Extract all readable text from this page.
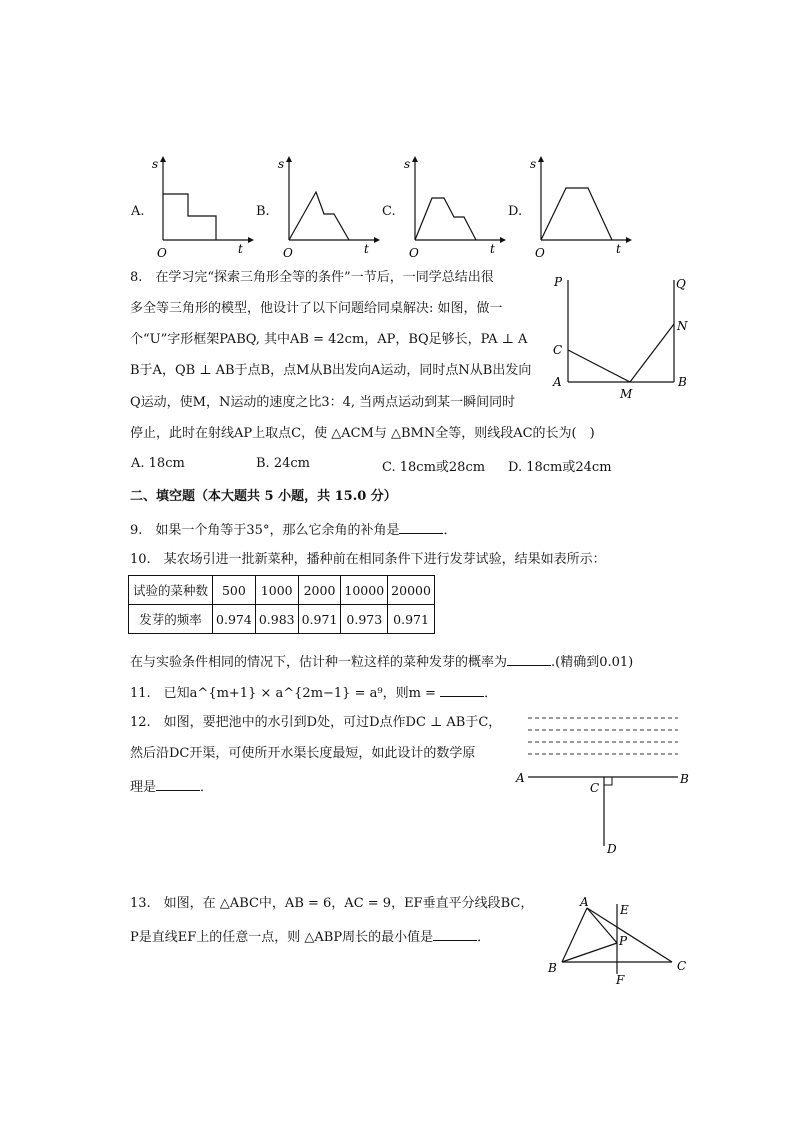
A.	B.	C.	D.
s
t
O
s
t
O
s
t
O
s
t
O
8.　在学习完“探索三角形全等的条件”一节后，一同学总结出很
多全等三角形的模型，他设计了以下问题给同桌解决: 如图，做一
个“U”字形框架PABQ, 其中AB = 42cm，AP，BQ足够长，PA ⊥ A
B于A，QB ⊥ AB于点B，点M从B出发向A运动，同时点N从B出发向
Q运动，使M，N运动的速度之比3：4, 当两点运动到某一瞬间同时
停止，此时在射线AP上取点C，使 △ACM与 △BMN全等，则线段AC的长为(　)
A. 18cm	B. 24cm	C. 18cm或28cm D. 18cm或24cm
P	Q
N
C
A
M
B
二、填空题（本大题共 5 小题，共 15.0 分）
9.　如果一个角等于35°，那么它余角的补角是	．
10.　某农场引进一批新菜种，播种前在相同条件下进行发芽试验，结果如表所示：
试验的菜种数	500	1000	2000	10000	20000
发芽的频率	0.974	0.983	0.971	0.973	0.971
在与实验条件相同的情况下，估计种一粒这样的菜种发芽的概率为	.(精确到0.01)
11.　已知a^{m+1} × a^{2m−1} = a⁹，则m =	．
12.　如图，要把池中的水引到D处，可过D点作DC ⊥ AB于C，
然后沿DC开渠，可使所开水渠长度最短，如此设计的数学原
理是	．
A	B
C
D
13.　如图，在 △ABC中，AB = 6，AC = 9，EF垂直平分线段BC，
P是直线EF上的任意一点，则 △ABP周长的最小值是	．
A
E
P
B	C
F
